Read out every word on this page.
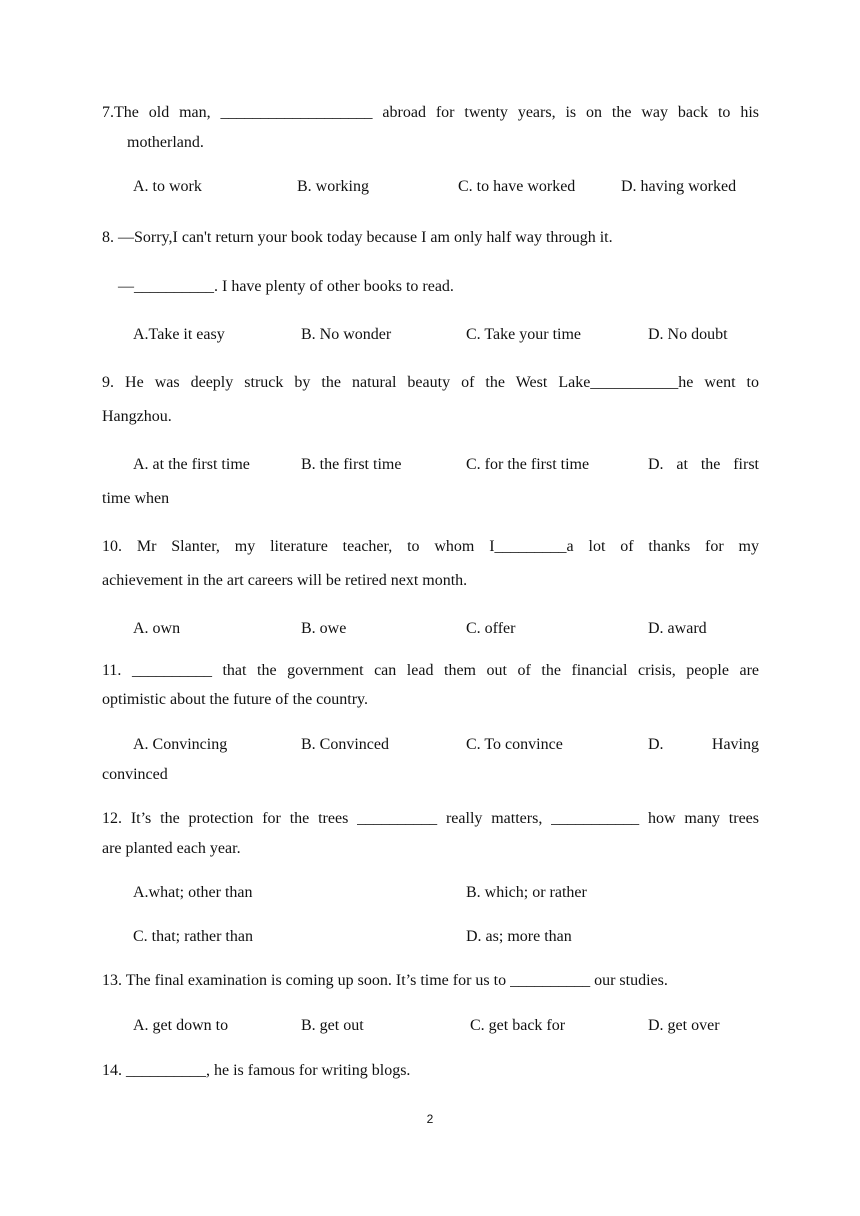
7.The old man, ___________________ abroad for twenty years, is on the way back to his
motherland.
A. to work	B. working	C. to have worked	D. having worked
8. —Sorry,I can't return your book today because I am only half way through it.
—__________. I have plenty of other books to read.
A.Take it easy	B. No wonder	C. Take your time	D. No doubt
9. He was deeply struck by the natural beauty of the West Lake___________he went to
Hangzhou.
A. at the first time	B. the first time	C. for the first time	D. at the first
time when
10. Mr Slanter, my literature teacher, to whom I_________a lot of thanks for my
achievement in the art careers will be retired next month.
A. own	B. owe	C. offer	D. award
11. __________ that the government can lead them out of the financial crisis, people are
optimistic about the future of the country.
A. Convincing	B. Convinced	C. To convince	D. Having
convinced
12. It’s the protection for the trees __________ really matters, ___________ how many trees
are planted each year.
A.what; other than	B. which; or rather
C. that; rather than	D. as; more than
13. The final examination is coming up soon. It’s time for us to __________ our studies.
A. get down to	B. get out	C. get back for	D. get over
14. __________, he is famous for writing blogs.
2
